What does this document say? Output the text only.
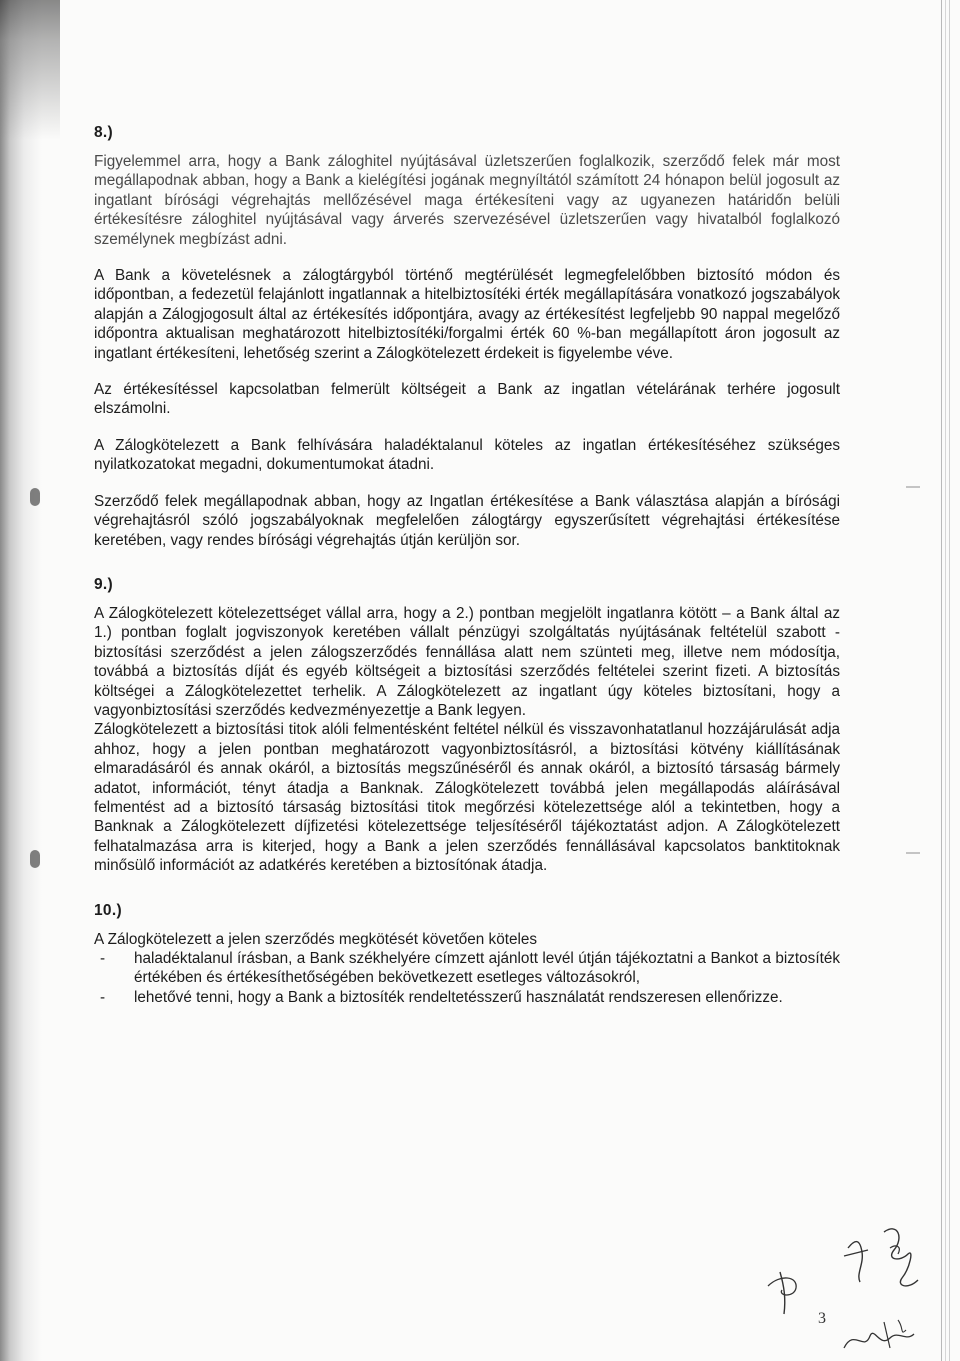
8.)

Figyelemmel arra, hogy a Bank záloghitel nyújtásával üzletszerűen foglalkozik, szerződő felek már most megállapodnak abban, hogy a Bank a kielégítési jogának megnyíltától számított 24 hónapon belül jogosult az ingatlant bírósági végrehajtás mellőzésével maga értékesíteni vagy az ugyanezen határidőn belüli értékesítésre záloghitel nyújtásával vagy árverés szervezésével üzletszerűen vagy hivatalból foglalkozó személynek megbízást adni.

A Bank a követelésnek a zálogtárgyból történő megtérülését legmegfelelőbben biztosító módon és időpontban, a fedezetül felajánlott ingatlannak a hitelbiztosítéki érték megállapítására vonatkozó jogszabályok alapján a Zálogjogosult által az értékesítés időpontjára, avagy az értékesítést legfeljebb 90 nappal megelőző időpontra aktualisan meghatározott hitelbiztosítéki/forgalmi érték 60 %-ban megállapított áron jogosult az ingatlant értékesíteni, lehetőség szerint a Zálogkötelezett érdekeit is figyelembe véve.

Az értékesítéssel kapcsolatban felmerült költségeit a Bank az ingatlan vételárának terhére jogosult elszámolni.

A Zálogkötelezett a Bank felhívására haladéktalanul köteles az ingatlan értékesítéséhez szükséges nyilatkozatokat megadni, dokumentumokat átadni.

Szerződő felek megállapodnak abban, hogy az Ingatlan értékesítése a Bank választása alapján a bírósági végrehajtásról szóló jogszabályoknak megfelelően zálogtárgy egyszerűsített végrehajtási értékesítése keretében, vagy rendes bírósági végrehajtás útján kerüljön sor.

9.)

A Zálogkötelezett kötelezettséget vállal arra, hogy a 2.) pontban megjelölt ingatlanra kötött – a Bank által az 1.) pontban foglalt jogviszonyok keretében vállalt pénzügyi szolgáltatás nyújtásának feltételül szabott - biztosítási szerződést a jelen zálogszerződés fennállása alatt nem szünteti meg, illetve nem módosítja, továbbá a biztosítás díját és egyéb költségeit a biztosítási szerződés feltételei szerint fizeti. A biztosítás költségei a Zálogkötelezettet terhelik. A Zálogkötelezett az ingatlant úgy köteles biztosítani, hogy a vagyonbiztosítási szerződés kedvezményezettje a Bank legyen.

Zálogkötelezett a biztosítási titok alóli felmentésként feltétel nélkül és visszavonhatatlanul hozzájárulását adja ahhoz, hogy a jelen pontban meghatározott vagyonbiztosításról, a biztosítási kötvény kiállításának elmaradásáról és annak okáról, a biztosítás megszűnéséről és annak okáról, a biztosító társaság bármely adatot, információt, tényt átadja a Banknak. Zálogkötelezett továbbá jelen megállapodás aláírásával felmentést ad a biztosító társaság biztosítási titok megőrzési kötelezettsége alól a tekintetben, hogy a Banknak a Zálogkötelezett díjfizetési kötelezettsége teljesítéséről tájékoztatást adjon. A Zálogkötelezett felhatalmazása arra is kiterjed, hogy a Bank a jelen szerződés fennállásával kapcsolatos banktitoknak minősülő információt az adatkérés keretében a biztosítónak átadja.

10.)

A Zálogkötelezett a jelen szerződés megkötését követően köteles

- haladéktalanul írásban, a Bank székhelyére címzett ajánlott levél útján tájékoztatni a Bankot a biztosíték értékében és értékesíthetőségében bekövetkezett esetleges változásokról,
- lehetővé tenni, hogy a Bank a biztosíték rendeltetésszerű használatát rendszeresen ellenőrizze.
3
